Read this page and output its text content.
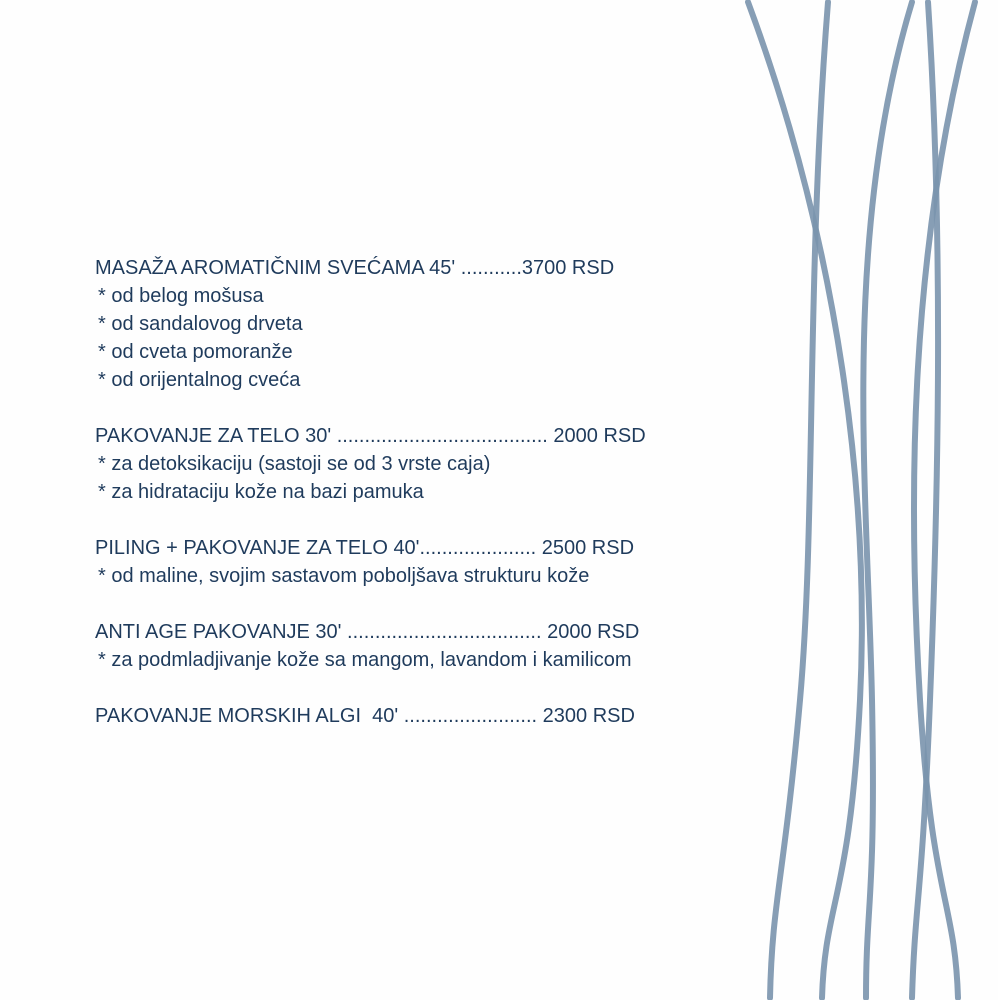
MASAŽA AROMATIČNIM SVEĆAMA 45' ...........3700 RSD
* od belog mošusa
* od sandalovog drveta
* od cveta pomoranže
* od orijentalnog cveća
PAKOVANJE ZA TELO 30' ...................................... 2000 RSD
* za detoksikaciju (sastoji se od 3 vrste caja)
* za hidrataciju kože na bazi pamuka
PILING + PAKOVANJE ZA TELO 40'..................... 2500 RSD
* od maline, svojim sastavom poboljšava strukturu kože
ANTI AGE PAKOVANJE 30' ................................... 2000 RSD
* za podmladjivanje kože sa mangom, lavandom i kamilicom
PAKOVANJE MORSKIH ALGI  40' ........................ 2300 RSD
